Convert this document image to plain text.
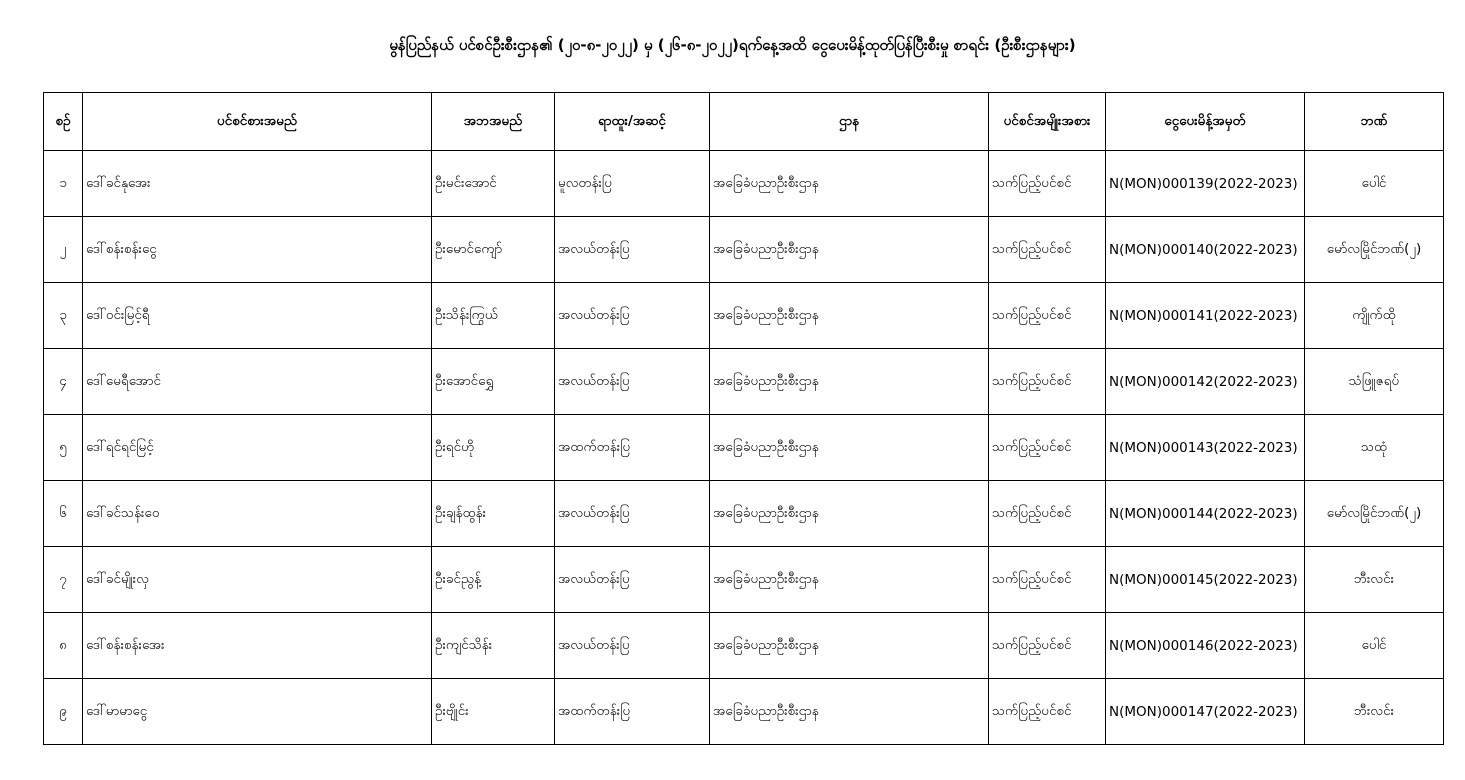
မွန်ပြည်နယ် ပင်စင်ဦးစီးဌာန၏ (၂၀-၈-၂၀၂၂) မှ (၂၆-၈-၂၀၂၂)ရက်နေ့အထိ ငွေပေးမိန့်ထုတ်ပြန်ပြီးစီးမှု စာရင်း (ဦးစီးဌာနများ)
စဉ်	ပင်စင်စားအမည်	အဘအမည်	ရာထူး/အဆင့်	ဌာန	ပင်စင်အမျိုးအစား	ငွေပေးမိန့်အမှတ်	ဘဏ်
၁	ဒေါ်ခင်နုအေး	ဦးမင်းအောင်	မူလတန်းပြ	အခြေခံပညာဦးစီးဌာန	သက်ပြည့်ပင်စင်	N(MON)000139(2022-2023)	ပေါင်
၂	ဒေါ်စန်းစန်းငွေ	ဦးမောင်ကျော်	အလယ်တန်းပြ	အခြေခံပညာဦးစီးဌာန	သက်ပြည့်ပင်စင်	N(MON)000140(2022-2023)	မော်လမြိုင်ဘဏ်(၂)
၃	ဒေါ်ဝင်းမြင့်ရီ	ဦးသိန်းကြွယ်	အလယ်တန်းပြ	အခြေခံပညာဦးစီးဌာန	သက်ပြည့်ပင်စင်	N(MON)000141(2022-2023)	ကျိုက်ထို
၄	ဒေါ်မေရီအောင်	ဦးအောင်ရွှေ	အလယ်တန်းပြ	အခြေခံပညာဦးစီးဌာန	သက်ပြည့်ပင်စင်	N(MON)000142(2022-2023)	သံဖြူဇရပ်
၅	ဒေါ်ရင်ရင်မြင့်	ဦးရင်ဟို	အထက်တန်းပြ	အခြေခံပညာဦးစီးဌာန	သက်ပြည့်ပင်စင်	N(MON)000143(2022-2023)	သထုံ
၆	ဒေါ်ခင်သန်းဝေ	ဦးချန်ထွန်း	အလယ်တန်းပြ	အခြေခံပညာဦးစီးဌာန	သက်ပြည့်ပင်စင်	N(MON)000144(2022-2023)	မော်လမြိုင်ဘဏ်(၂)
၇	ဒေါ်ခင်မျိုးလှ	ဦးခင်ညွန့်	အလယ်တန်းပြ	အခြေခံပညာဦးစီးဌာန	သက်ပြည့်ပင်စင်	N(MON)000145(2022-2023)	ဘီးလင်း
၈	ဒေါ်စန်းစန်းအေး	ဦးကျင်သိန်း	အလယ်တန်းပြ	အခြေခံပညာဦးစီးဌာန	သက်ပြည့်ပင်စင်	N(MON)000146(2022-2023)	ပေါင်
၉	ဒေါ်မာမာငွေ	ဦးဗျိုင်း	အထက်တန်းပြ	အခြေခံပညာဦးစီးဌာန	သက်ပြည့်ပင်စင်	N(MON)000147(2022-2023)	ဘီးလင်း
